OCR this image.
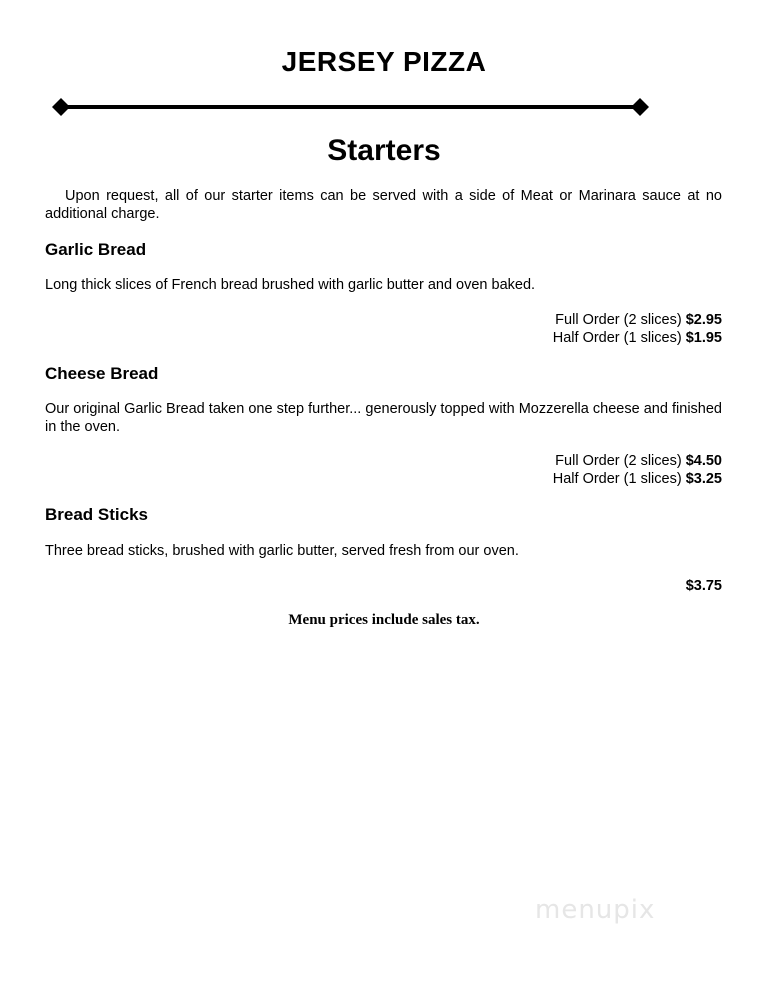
JERSEY PIZZA
Starters
Upon request, all of our starter items can be served with a side of Meat or Marinara sauce at no additional charge.
Garlic Bread
Long thick slices of French bread brushed with garlic butter and oven baked.
Full Order (2 slices) $2.95
Half Order (1 slices) $1.95
Cheese Bread
Our original Garlic Bread taken one step further... generously topped with Mozzerella cheese and finished in the oven.
Full Order (2 slices) $4.50
Half Order (1 slices) $3.25
Bread Sticks
Three bread sticks, brushed with garlic butter, served fresh from our oven.
$3.75
Menu prices include sales tax.
menupix
